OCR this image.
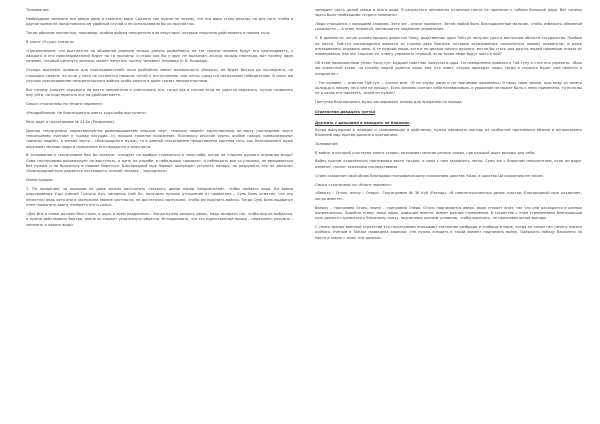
Толкование:

Необходимо запереть все двери дома и схватить вора. Сделать так нужно не потому, что эти воры столь опасны, но для того, чтобы в другое время не представился им удобный случай и не использовали бы их против нас.

Таким образом полностью, например, особые войска неприятеля или лазутчики, которые поручено действовать в нашем тылу.

В книге «У-цзы» сказано:

«Предположим, что выстрел-на на обширной равнине только одного разбойника, но тот тысячи человек будут его преследовать, у каждого и его преследователей будет на то причины: и страх как бы у враг не выскочил, из-под засады неоткуда, вот почему один человек, готовый рискнуть жизнью, может напугать тысячу человек» (перевод Н. И. Конрада).

Отсюда вытекает правило для преследователей: если разбойник имеет возможность убежать, он будет биться до последнего, не страшась смерти; но если у него не останется никаких путей к отступлению, они легко сдадутся нескольким победителям. В иных же случаях преследование неприятельского войска особо опасно и даже грозит неприятностями.

Вот почему следует окружить на месте неприятеля и уничтожать его, тогда как в случае если не удастся окружить, лучше позволить ему уйти, но подстерегать его на удобном месте.

Смысл стратагемы по «Книге перемен»:

«Раздробление. Не благоприятно иметь куда-либо выступать».

Речь идет о гексаграмме № 23 Бо (Разорение).

Данная гексаграмма характеризуется доминированием иньских черт, «мелких людей» единственную ян-черту (последнюю черту гексаграммы считают к «среди пасущих…»), прошла тяжелое положение. Поскольку иньские черты, особое говоря, символизируют «мелких людей», а янская черта – «благородного мужа», то в данной гексаграмме представлена картина того, как благородного мужа окружают мелкие люди и положение его находится в опасности.

В толковании к гексаграмме Ван Би сказано: «следует ли вообще стремиться к чему-либо, когда на стороне дурного огромная мощь? Сама гексаграмма рекомендует не выступать, а жить на отшибе, в небольшом «домике», и наблюдать все со стороны, не вмешиваться без нужды и не бросаться в порыве бороться. Благородный муж бывает вынужден уступить напору, но разрушить его не должны: «Благородный муж держится настоящего; низкий человек – заурядного»

Иллюстрации:

1. По преданию, за выходом из дома можно рассчитать «закрыть двери перед неприятелем», чтобы поймать вора. Во время царствования У-ди учёный Гунсунь Хун, чиновник Сюй Ле, получили лучшее отношение от правителя… Сунь Бинь отметил, что это нечестно; ведь хотя они и заслужили звание честности, не достаточно заслужили, чтобы им поручить войско. Тогда Сунь Бинь выдвинул план: выманить врага, запереть его и сжечь.

«Для Инь в семье должен был страх, и царь, и всем подданным… Когда нужно закрыть дверь, надо запирать так, чтобы вор не выбрался, и нужно действовать быстро, иначе он сможет ускользнуть обратно. Игнорировать, что это единственный выход – неразумно; разумно – запереть и ловить вора».

запирает часть целой семьи и всего рода. В результате неизменно отличные никто не принесли к гибели большой рода. Вот почему здесь было необходимо «строго запирать».

Люди страшатся с хорошими словами. Зато же – иначе приносят. Затем любой быть благодаренным мальчик, чтобы избежать обманной сложности — в этом, пожалуй, заключается надёжное управление.

2. В древности, когда усилия пришли династия Чжоу, родственник царя Тай-гун получил удел в восточном области государства. Прибыв на место, Тай-гун распорядился вывести из страны двух братьев, которые отказывались поклоняться новому правителю, и даже отказывались отдавать дань. А те мудрые люди, хотя и не делали ничего дурного, могли бы стать для других людей примером отказа от повиновения. Как же, спросил он, я могу управлять страной, если такие люди будут жить в ней?

Об этом происшествии узнал Чжоу-гун, мудрый советник чжоуского царя. Он немедленно приехал к Тай-гуну и стал его упрекать: «Ваш же известный закон, на службу людей удается лишь тем, кто знает, откуда приходят люди, тогда и служить будет уже нелегко и неприятно.»

– Тот-человек, – ответил Тай-гун, – сказал мне: «Я не служу царю и не принимаю жалованья. Я пашу свою землю, пью воду из своего колодца и никому ни о чем не прошу». Если человек считает себя независимым, и уважение не может быть к нему применено, то если вы не в силах его наказать, зачем он нужен?

Поступки благородного мужа закладывают основу для преданности народа.

Стратагема двадцать третья

Дружить с дальними и нападать на ближних

Когда вынуждены в позиции и сковывающие в действиях, нужно извлекать выгоду из слабостей противника вблизи и использовать ближний мир против далекого противника.

Толкование:

В войне, в которой участвуют много сторон, возникают многие разные союзы, где каждый ищет выгоды для себя.

Войну против отдалённого противника вести трудно, а союз с ним заключить легко. Союз же с ближним неприятелем, если он вдруг изменит, грозит тяжелыми последствиями.

Стрек сохраняет свой облик благодаря географическому положению царства Чжао, а царство Ци сохраняло ее также.

Смысл стратагемы по «Книге перемен»:

«Вверху – Огонь, внизу – Озеро». Гексаграмма № 38 Куй (Разлад): «В немногочисленных делах счастье. Благородный муж разделяет, когда вместе».

Вверху – триграмма Огонь, внизу – триграмма Озеро. Огонь поднимается вверх, вода стекает вниз, так что они расходятся в разных направлениях. Подобно этому, иные люди, живущие вместе, имеют разные стремления. В соседстве с этим стремлением благородный муж должен стремиться к ближнему союзу, подчиняясь разным условиям, чтобы выиграть, не признавая вызов выгоды.

С точки зрения военной стратегии эта гексаграмма описывает состояние разброда и усобицы в мире, когда по силам нет ничего никого особого. Учёным в Тай-юе проведена хроника: «Не нужно спешить в такой момент поднимать войну. Одержать победу ближнего на месте в союзе с теми, кто далеко».
